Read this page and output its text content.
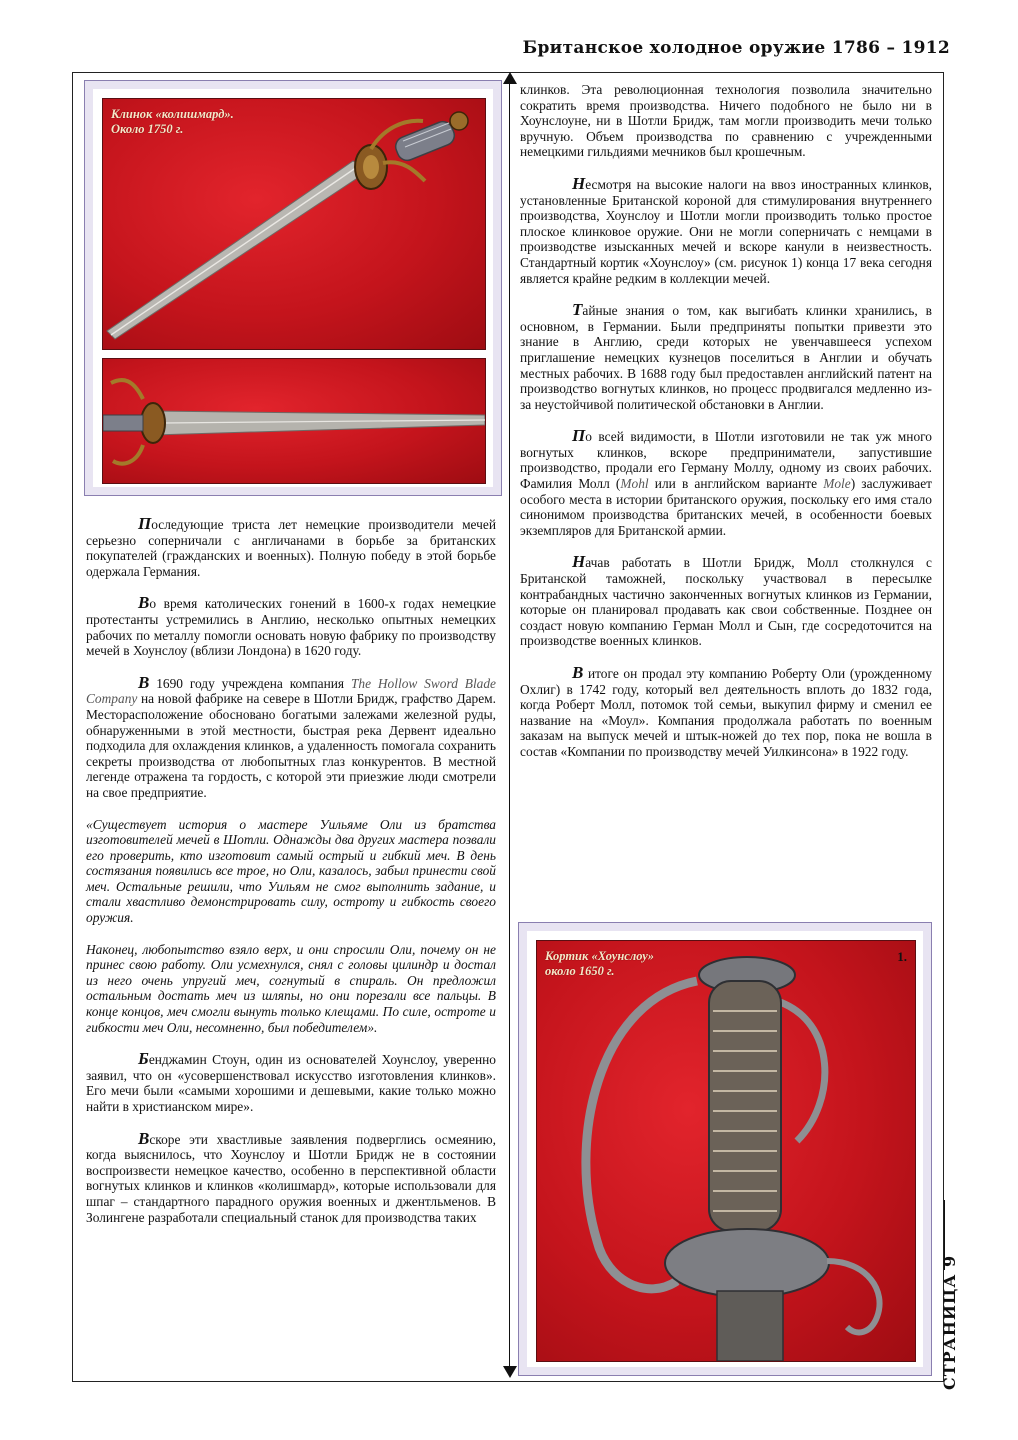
Британское холодное оружие 1786 – 1912
Клинок «колишмард».
Около 1750 г.

Последующие триста лет немецкие производители мечей серьезно соперничали с англичанами в борьбе за британских покупателей (гражданских и военных). Полную победу в этой борьбе одержала Германия.

Во время католических гонений в 1600-х годах немецкие протестанты устремились в Англию, несколько опытных немецких рабочих по металлу помогли основать новую фабрику по производству мечей в Хоунслоу (вблизи Лондона) в 1620 году.

В 1690 году учреждена компания The Hollow Sword Blade Company на новой фабрике на севере в Шотли Бридж, графство Дарем. Месторасположение обосновано богатыми залежами железной руды, обнаруженными в этой местности, быстрая река Дервент идеально подходила для охлаждения клинков, а удаленность помогала сохранить секреты производства от любопытных глаз конкурентов. В местной легенде отражена та гордость, с которой эти приезжие люди смотрели на свое предприятие.

«Существует история о мастере Уильяме Оли из братства изготовителей мечей в Шотли. Однажды два других мастера позвали его проверить, кто изготовит самый острый и гибкий меч. В день состязания появились все трое, но Оли, казалось, забыл принести свой меч. Остальные решили, что Уильям не смог выполнить задание, и стали хвастливо демонстрировать силу, остроту и гибкость своего оружия.

Наконец, любопытство взяло верх, и они спросили Оли, почему он не принес свою работу. Оли усмехнулся, снял с головы цилиндр и достал из него очень упругий меч, согнутый в спираль. Он предложил остальным достать меч из шляпы, но они порезали все пальцы. В конце концов, меч смогли вынуть только клещами. По силе, остроте и гибкости меч Оли, несомненно, был победителем».

Бенджамин Стоун, один из основателей Хоунслоу, уверенно заявил, что он «усовершенствовал искусство изготовления клинков». Его мечи были «самыми хорошими и дешевыми, какие только можно найти в христианском мире».

Вскоре эти хвастливые заявления подверглись осмеянию, когда выяснилось, что Хоунслоу и Шотли Бридж не в состоянии воспроизвести немецкое качество, особенно в перспективной области вогнутых клинков и клинков «колишмард», которые использовали для шпаг – стандартного парадного оружия военных и джентльменов. В Золингене разработали специальный станок для производства таких

клинков. Эта революционная технология позволила значительно сократить время производства. Ничего подобного не было ни в Хоунслоуне, ни в Шотли Бридж, там могли производить мечи только вручную. Объем производства по сравнению с учрежденными немецкими гильдиями мечников был крошечным.

Несмотря на высокие налоги на ввоз иностранных клинков, установленные Британской короной для стимулирования внутреннего производства, Хоунслоу и Шотли могли производить только простое плоское клинковое оружие. Они не могли соперничать с немцами в производстве изысканных мечей и вскоре канули в неизвестность. Стандартный кортик «Хоунслоу» (см. рисунок 1) конца 17 века сегодня является крайне редким в коллекции мечей.

Тайные знания о том, как выгибать клинки хранились, в основном, в Германии. Были предприняты попытки привезти это знание в Англию, среди которых не увенчавшееся успехом приглашение немецких кузнецов поселиться в Англии и обучать местных рабочих. В 1688 году был предоставлен английский патент на производство вогнутых клинков, но процесс продвигался медленно из-за неустойчивой политической обстановки в Англии.

По всей видимости, в Шотли изготовили не так уж много вогнутых клинков, вскоре предприниматели, запустившие производство, продали его Герману Моллу, одному из своих рабочих. Фамилия Молл (Mohl или в английском варианте Mole) заслуживает особого места в истории британского оружия, поскольку его имя стало синонимом производства британских мечей, в особенности боевых экземпляров для Британской армии.

Начав работать в Шотли Бридж, Молл столкнулся с Британской таможней, поскольку участвовал в пересылке контрабандных частично законченных вогнутых клинков из Германии, которые он планировал продавать как свои собственные. Позднее он создаст новую компанию Герман Молл и Сын, где сосредоточится на производстве военных клинков.

В итоге он продал эту компанию Роберту Оли (урожденному Охлиг) в 1742 году, который вел деятельность вплоть до 1832 года, когда Роберт Молл, потомок той семьи, выкупил фирму и сменил ее название на «Моул». Компания продолжала работать по военным заказам на выпуск мечей и штык-ножей до тех пор, пока не вошла в состав «Компании по производству мечей Уилкинсона» в 1922 году.

Кортик «Хоунслоу»
около 1650 г.
1.
СТРАНИЦА 9
